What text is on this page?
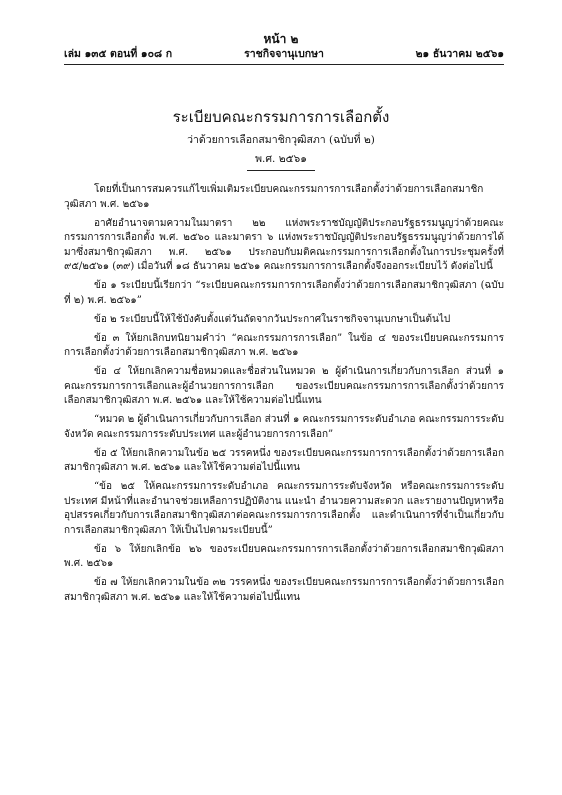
หน้า ๒
ราชกิจจานุเบกษา
เล่ม ๑๓๕ ตอนที่ ๑๐๘ ก	๒๑ ธันวาคม ๒๕๖๑
ระเบียบคณะกรรมการการเลือกตั้ง
ว่าด้วยการเลือกสมาชิกวุฒิสภา (ฉบับที่ ๒)
พ.ศ. ๒๕๖๑

โดยที่เป็นการสมควรแก้ไขเพิ่มเติมระเบียบคณะกรรมการการเลือกตั้งว่าด้วยการเลือกสมาชิกวุฒิสภา พ.ศ. ๒๕๖๑

อาศัยอำนาจตามความในมาตรา ๒๒ แห่งพระราชบัญญัติประกอบรัฐธรรมนูญว่าด้วยคณะกรรมการการเลือกตั้ง พ.ศ. ๒๕๖๐ และมาตรา ๖ แห่งพระราชบัญญัติประกอบรัฐธรรมนูญว่าด้วยการได้มาซึ่งสมาชิกวุฒิสภา พ.ศ. ๒๕๖๑ ประกอบกับมติคณะกรรมการการเลือกตั้งในการประชุมครั้งที่ ๙๕/๒๕๖๑ (๓๙) เมื่อวันที่ ๑๘ ธันวาคม ๒๕๖๑ คณะกรรมการการเลือกตั้งจึงออกระเบียบไว้ ดังต่อไปนี้

ข้อ ๑ ระเบียบนี้เรียกว่า “ระเบียบคณะกรรมการการเลือกตั้งว่าด้วยการเลือกสมาชิกวุฒิสภา (ฉบับที่ ๒) พ.ศ. ๒๕๖๑”

ข้อ ๒ ระเบียบนี้ให้ใช้บังคับตั้งแต่วันถัดจากวันประกาศในราชกิจจานุเบกษาเป็นต้นไป

ข้อ ๓ ให้ยกเลิกบทนิยามคำว่า “คณะกรรมการการเลือก” ในข้อ ๔ ของระเบียบคณะกรรมการการเลือกตั้งว่าด้วยการเลือกสมาชิกวุฒิสภา พ.ศ. ๒๕๖๑

ข้อ ๔ ให้ยกเลิกความชื่อหมวดและชื่อส่วนในหมวด ๒ ผู้ดำเนินการเกี่ยวกับการเลือก ส่วนที่ ๑ คณะกรรมการการเลือกและผู้อำนวยการการเลือก ของระเบียบคณะกรรมการการเลือกตั้งว่าด้วยการเลือกสมาชิกวุฒิสภา พ.ศ. ๒๕๖๑ และให้ใช้ความต่อไปนี้แทน

“หมวด ๒ ผู้ดำเนินการเกี่ยวกับการเลือก ส่วนที่ ๑ คณะกรรมการระดับอำเภอ คณะกรรมการระดับจังหวัด คณะกรรมการระดับประเทศ และผู้อำนวยการการเลือก”

ข้อ ๕ ให้ยกเลิกความในข้อ ๒๕ วรรคหนึ่ง ของระเบียบคณะกรรมการการเลือกตั้งว่าด้วยการเลือกสมาชิกวุฒิสภา พ.ศ. ๒๕๖๑ และให้ใช้ความต่อไปนี้แทน

“ข้อ ๒๕ ให้คณะกรรมการระดับอำเภอ คณะกรรมการระดับจังหวัด หรือคณะกรรมการระดับประเทศ มีหน้าที่และอำนาจช่วยเหลือการปฏิบัติงาน แนะนำ อำนวยความสะดวก และรายงานปัญหาหรืออุปสรรคเกี่ยวกับการเลือกสมาชิกวุฒิสภาต่อคณะกรรมการการเลือกตั้ง และดำเนินการที่จำเป็นเกี่ยวกับการเลือกสมาชิกวุฒิสภา ให้เป็นไปตามระเบียบนี้”

ข้อ ๖ ให้ยกเลิกข้อ ๒๖ ของระเบียบคณะกรรมการการเลือกตั้งว่าด้วยการเลือกสมาชิกวุฒิสภา พ.ศ. ๒๕๖๑

ข้อ ๗ ให้ยกเลิกความในข้อ ๓๒ วรรคหนึ่ง ของระเบียบคณะกรรมการการเลือกตั้งว่าด้วยการเลือกสมาชิกวุฒิสภา พ.ศ. ๒๕๖๑ และให้ใช้ความต่อไปนี้แทน
